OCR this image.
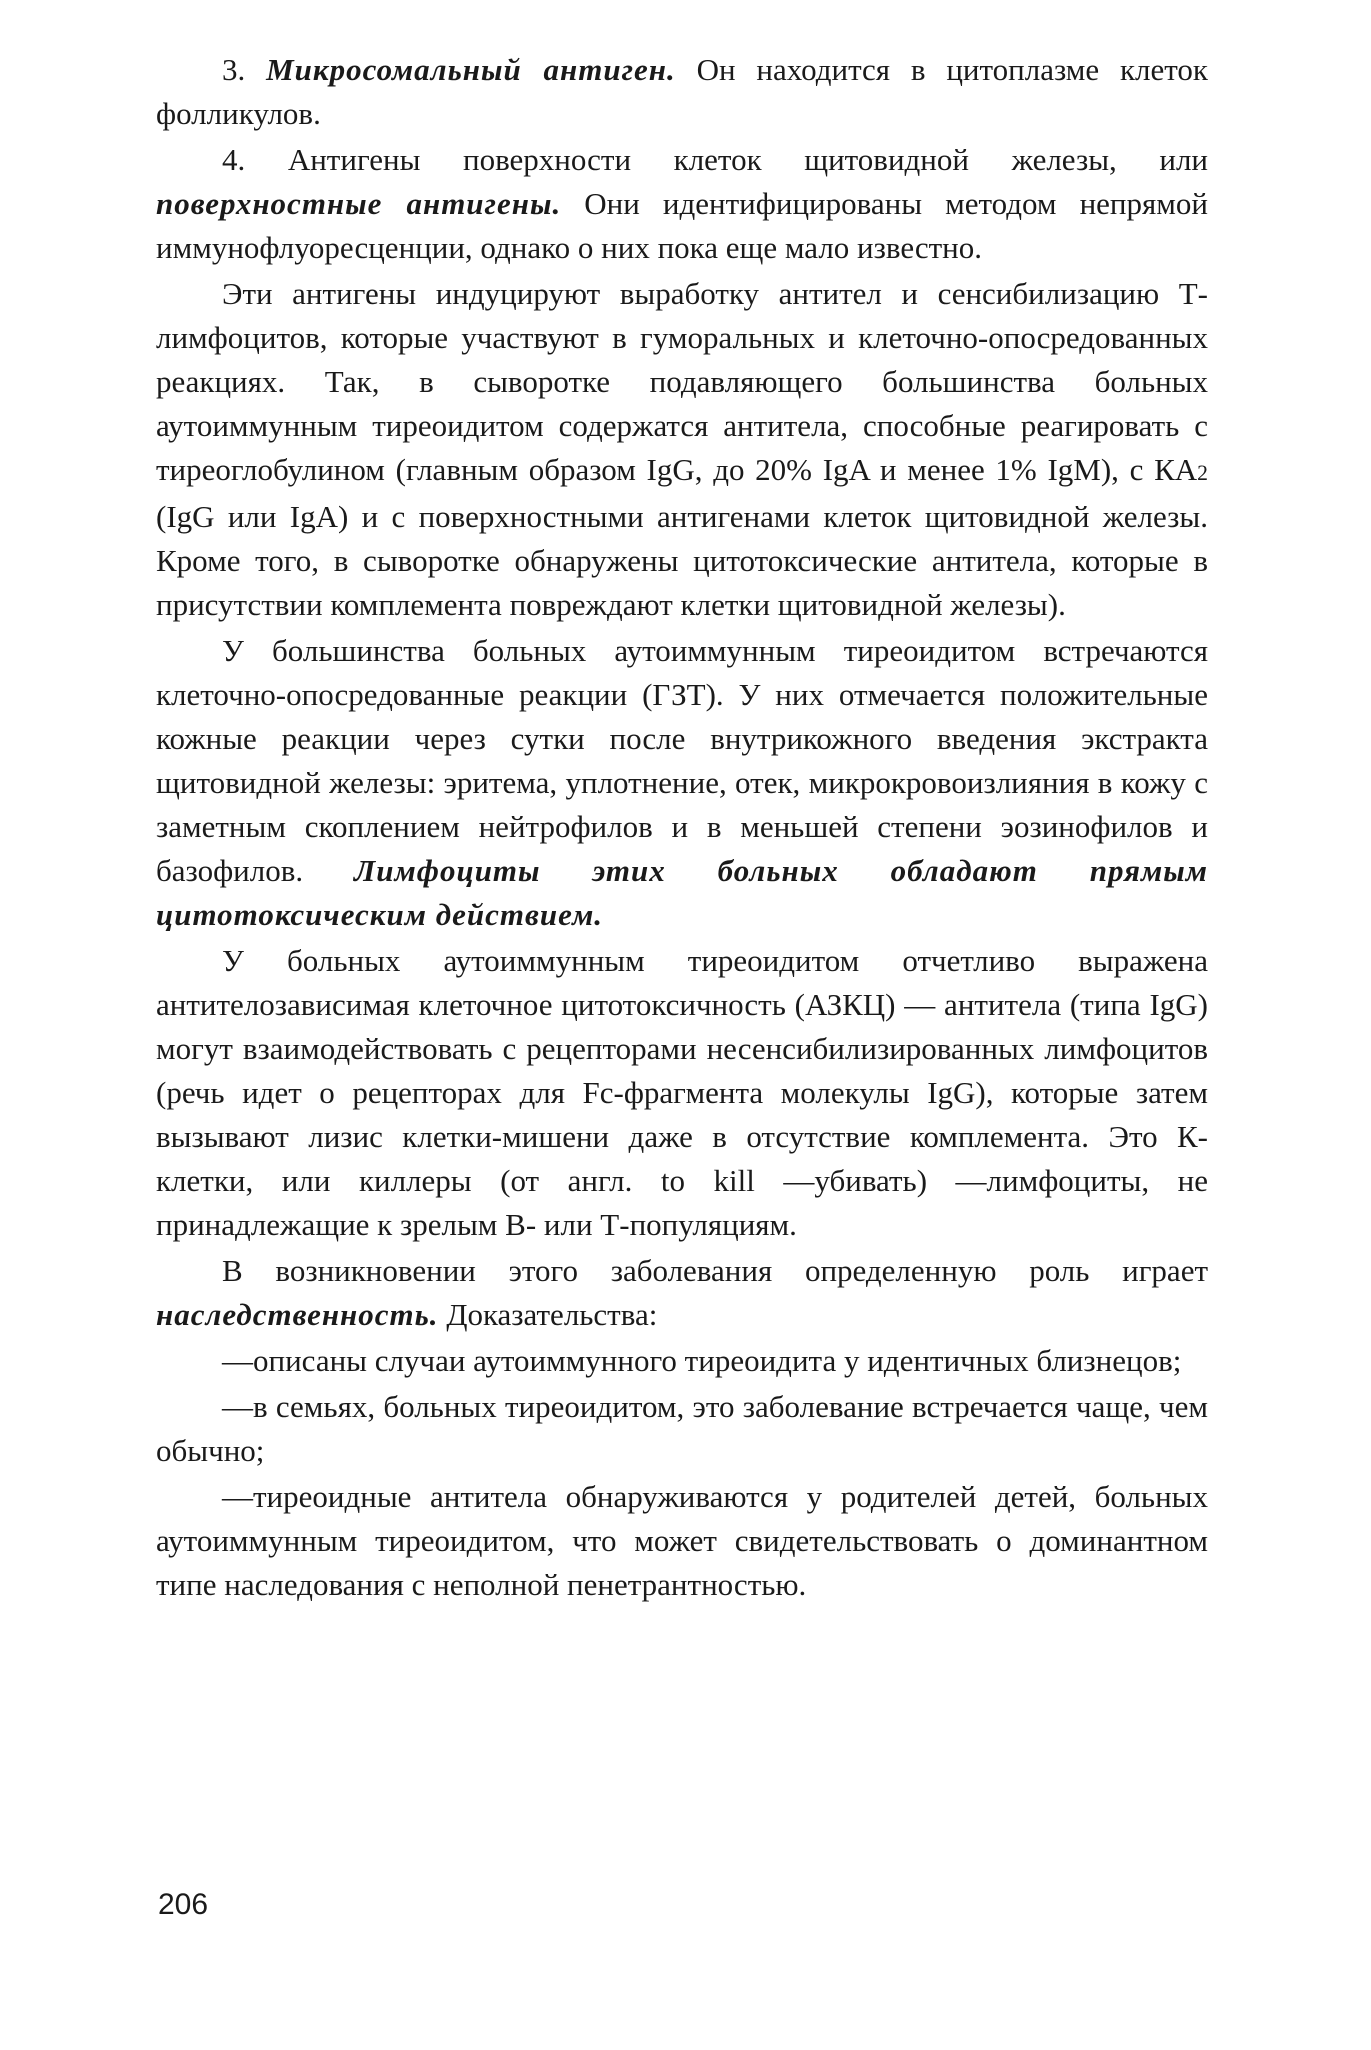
3. Микросомальный антиген. Он находится в цитоплазме клеток фолликулов.

4. Антигены поверхности клеток щитовидной железы, или поверхностные антигены. Они идентифицированы методом непрямой иммунофлуоресценции, однако о них пока еще мало известно.

Эти антигены индуцируют выработку антител и сенсибилизацию Т-лимфоцитов, которые участвуют в гуморальных и клеточно-опосредованных реакциях. Так, в сыворотке подавляющего большинства больных аутоиммунным тиреоидитом содержатся антитела, способные реагировать с тиреоглобулином (главным образом IgG, до 20% IgA и менее 1% IgM), с КА2 (IgG или IgA) и с поверхностными антигенами клеток щитовидной железы. Кроме того, в сыворотке обнаружены цитотоксические антитела, которые в присутствии комплемента повреждают клетки щитовидной железы).

У большинства больных аутоиммунным тиреоидитом встречаются клеточно-опосредованные реакции (ГЗТ). У них отмечается положительные кожные реакции через сутки после внутрикожного введения экстракта щитовидной железы: эритема, уплотнение, отек, микрокровоизлияния в кожу с заметным скоплением нейтрофилов и в меньшей степени эозинофилов и базофилов. Лимфоциты этих больных обладают прямым цитотоксическим действием.

У больных аутоиммунным тиреоидитом отчетливо выражена антителозависимая клеточное цитотоксичность (АЗКЦ) — антитела (типа IgG) могут взаимодействовать с рецепторами несенсибилизированных лимфоцитов (речь идет о рецепторах для Fc-фрагмента молекулы IgG), которые затем вызывают лизис клетки-мишени даже в отсутствие комплемента. Это К-клетки, или киллеры (от англ. to kill —убивать) —лимфоциты, не принадлежащие к зрелым В- или Т-популяциям.

В возникновении этого заболевания определенную роль играет наследственность. Доказательства:

—описаны случаи аутоиммунного тиреоидита у идентичных близнецов;

—в семьях, больных тиреоидитом, это заболевание встречается чаще, чем обычно;

—тиреоидные антитела обнаруживаются у родителей детей, больных аутоиммунным тиреоидитом, что может свидетельствовать о доминантном типе наследования с неполной пенетрантностью.

206
